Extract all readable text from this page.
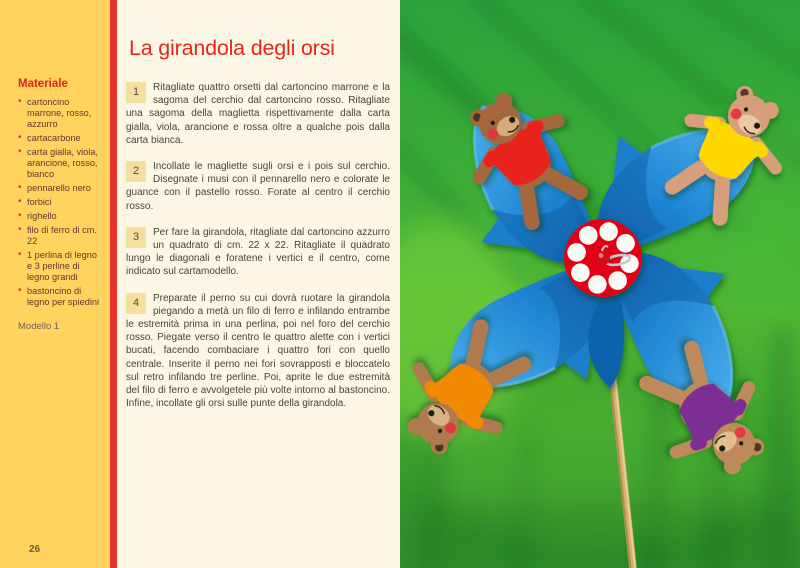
Materiale
• cartoncino marrone, rosso, azzurro
• cartacarbone
• carta gialla, viola, arancione, rosso, bianco
• pennarello nero
• forbici
• righello
• filo di ferro di cm. 22
• 1 perlina di legno e 3 perline di legno grandi
• bastoncino di legno per spiedini
Modello 1
26
La girandola degli orsi
1	Ritagliate quattro orsetti dal cartoncino marrone e la sagoma del cerchio dal cartoncino rosso. Ritagliate una sagoma della maglietta rispettivamente dalla carta gialla, viola, arancione e rossa oltre a qualche pois dalla carta bianca.

2	Incollate le magliette sugli orsi e i pois sul cerchio. Disegnate i musi con il pennarello nero e colorate le guance con il pastello rosso. Forate al centro il cerchio rosso.

3	Per fare la girandola, ritagliate dal cartoncino azzurro un quadrato di cm. 22 x 22. Ritagliate il quadrato lungo le diagonali e foratene i vertici e il centro, come indicato sul cartamodello.

4	Preparate il perno su cui dovrà ruotare la girandola piegando a metà un filo di ferro e infilando entrambe le estremità prima in una perlina, poi nel foro del cerchio rosso. Piegate verso il centro le quattro alette con i vertici bucati, facendo combaciare i quattro fori con quello centrale. Inserite il perno nei fori sovrapposti e bloccatelo sul retro infilando tre perline. Poi, aprite le due estremità del filo di ferro e avvolgetele più volte intorno al bastoncino. Infine, incollate gli orsi sulle punte della girandola.
